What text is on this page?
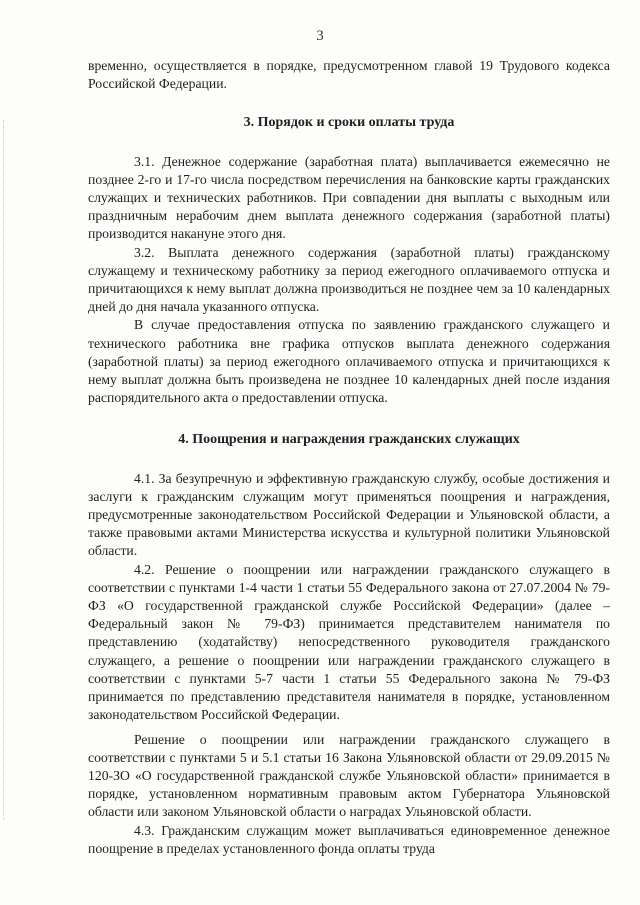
3

временно, осуществляется в порядке, предусмотренном главой 19 Трудового кодекса Российской Федерации.

3. Порядок и сроки оплаты труда

3.1. Денежное содержание (заработная плата) выплачивается ежемесячно не позднее 2-го и 17-го числа посредством перечисления на банковские карты гражданских служащих и технических работников. При совпадении дня выплаты с выходным или праздничным нерабочим днем выплата денежного содержания (заработной платы) производится накануне этого дня.

3.2. Выплата денежного содержания (заработной платы) гражданскому служащему и техническому работнику за период ежегодного оплачиваемого отпуска и причитающихся к нему выплат должна производиться не позднее чем за 10 календарных дней до дня начала указанного отпуска.

В случае предоставления отпуска по заявлению гражданского служащего и технического работника вне графика отпусков выплата денежного содержания (заработной платы) за период ежегодного оплачиваемого отпуска и причитающихся к нему выплат должна быть произведена не позднее 10 календарных дней после издания распорядительного акта о предоставлении отпуска.

4. Поощрения и награждения гражданских служащих

4.1. За безупречную и эффективную гражданскую службу, особые достижения и заслуги к гражданским служащим могут применяться поощрения и награждения, предусмотренные законодательством Российской Федерации и Ульяновской области, а также правовыми актами Министерства искусства и культурной политики Ульяновской области.

4.2. Решение о поощрении или награждении гражданского служащего в соответствии с пунктами 1-4 части 1 статьи 55 Федерального закона от 27.07.2004 № 79-ФЗ «О государственной гражданской службе Российской Федерации» (далее – Федеральный закон № 79-ФЗ) принимается представителем нанимателя по представлению (ходатайству) непосредственного руководителя гражданского служащего, а решение о поощрении или награждении гражданского служащего в соответствии с пунктами 5-7 части 1 статьи 55 Федерального закона № 79-ФЗ принимается по представлению представителя нанимателя в порядке, установленном законодательством Российской Федерации.

Решение о поощрении или награждении гражданского служащего в соответствии с пунктами 5 и 5.1 статьи 16 Закона Ульяновской области от 29.09.2015 № 120-ЗО «О государственной гражданской службе Ульяновской области» принимается в порядке, установленном нормативным правовым актом Губернатора Ульяновской области или законом Ульяновской области о наградах Ульяновской области.

4.3. Гражданским служащим может выплачиваться единовременное денежное поощрение в пределах установленного фонда оплаты труда
